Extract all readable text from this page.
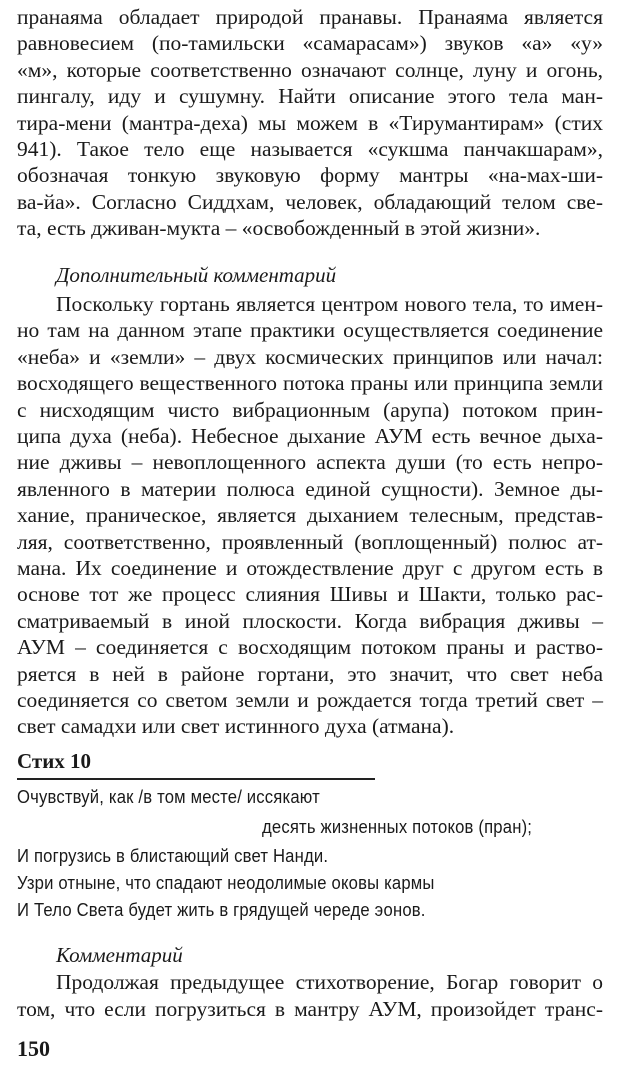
пранаяма обладает природой пранавы. Пранаяма является
равновесием (по-тамильски «самарасам») звуков «а» «у»
«м», которые соответственно означают солнце, луну и огонь,
пингалу, иду и сушумну. Найти описание этого тела ман-
тира-мени (мантра-деха) мы можем в «Тирумантирам» (стих
941). Такое тело еще называется «сукшма панчакшарам»,
обозначая тонкую звуковую форму мантры «на-мах-ши-
ва-йа». Согласно Сиддхам, человек, обладающий телом све-
та, есть дживан-мукта – «освобожденный в этой жизни».
Дополнительный комментарий
Поскольку гортань является центром нового тела, то имен-
но там на данном этапе практики осуществляется соединение
«неба» и «земли» – двух космических принципов или начал:
восходящего вещественного потока праны или принципа земли
с нисходящим чисто вибрационным (арупа) потоком прин-
ципа духа (неба). Небесное дыхание АУМ есть вечное дыха-
ние дживы – невоплощенного аспекта души (то есть непро-
явленного в материи полюса единой сущности). Земное ды-
хание, праническое, является дыханием телесным, представ-
ляя, соответственно, проявленный (воплощенный) полюс ат-
мана. Их соединение и отождествление друг с другом есть в
основе тот же процесс слияния Шивы и Шакти, только рас-
сматриваемый в иной плоскости. Когда вибрация дживы –
АУМ – соединяется с восходящим потоком праны и раство-
ряется в ней в районе гортани, это значит, что свет неба
соединяется со светом земли и рождается тогда третий свет –
свет самадхи или свет истинного духа (атмана).
Стих 10
Очувствуй, как /в том месте/ иссякают
десять жизненных потоков (пран);
И погрузись в блистающий свет Нанди.
Узри отныне, что спадают неодолимые оковы кармы
И Тело Света будет жить в грядущей череде эонов.
Комментарий
Продолжая предыдущее стихотворение, Богар говорит о
том, что если погрузиться в мантру АУМ, произойдет транс-
150
